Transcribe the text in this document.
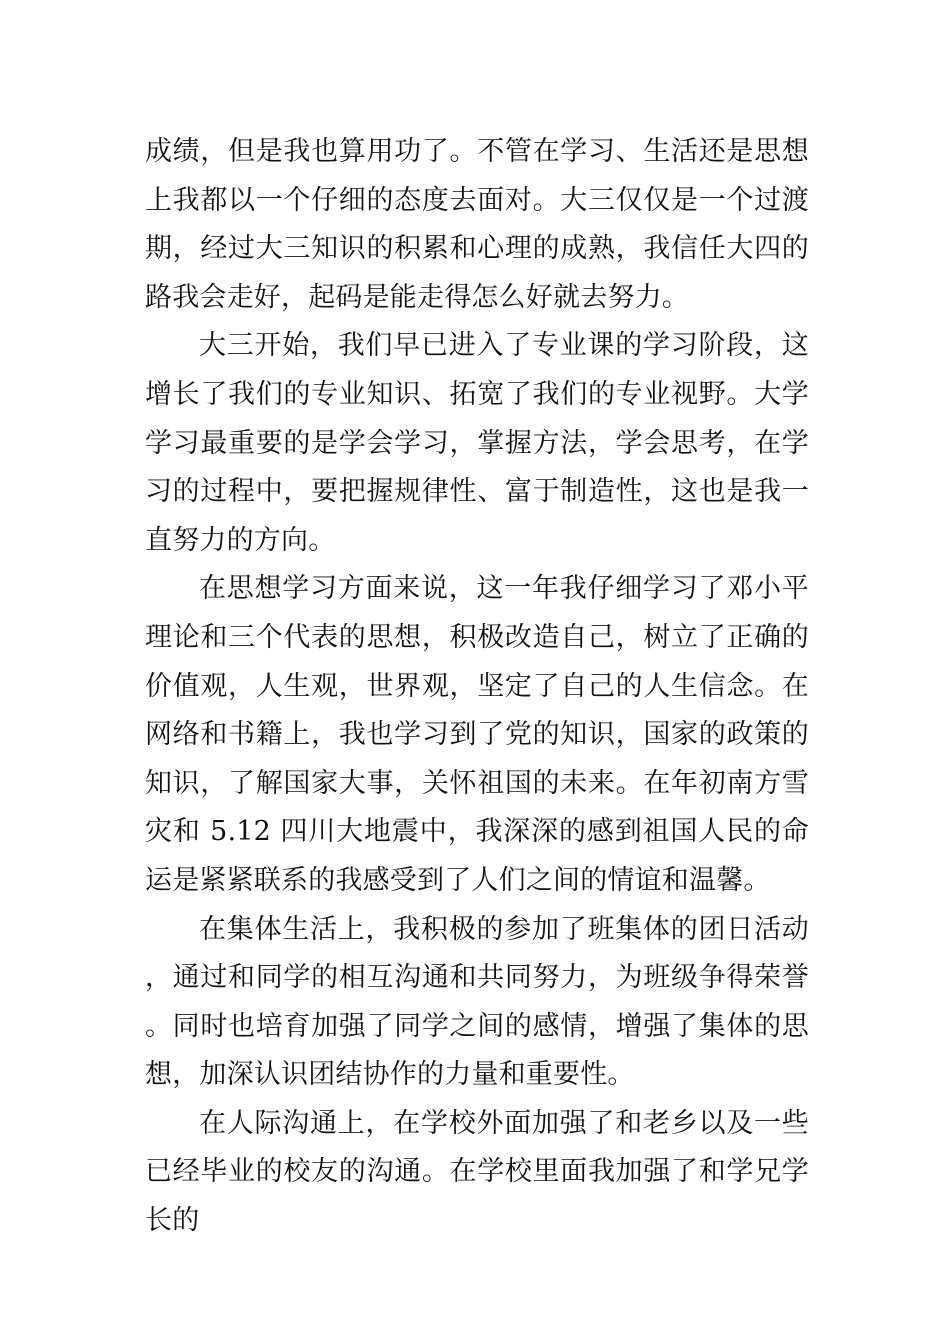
成绩，但是我也算用功了。不管在学习、生活还是思想上我都以一个仔细的态度去面对。大三仅仅是一个过渡期，经过大三知识的积累和心理的成熟，我信任大四的路我会走好，起码是能走得怎么好就去努力。

大三开始，我们早已进入了专业课的学习阶段，这增长了我们的专业知识、拓宽了我们的专业视野。大学学习最重要的是学会学习，掌握方法，学会思考，在学习的过程中，要把握规律性、富于制造性，这也是我一直努力的方向。

在思想学习方面来说，这一年我仔细学习了邓小平理论和三个代表的思想，积极改造自己，树立了正确的价值观，人生观，世界观，坚定了自己的人生信念。在网络和书籍上，我也学习到了党的知识，国家的政策的知识，了解国家大事，关怀祖国的未来。在年初南方雪灾和 5.12 四川大地震中，我深深的感到祖国人民的命运是紧紧联系的我感受到了人们之间的情谊和温馨。

在集体生活上，我积极的参加了班集体的团日活动，通过和同学的相互沟通和共同努力，为班级争得荣誉。同时也培育加强了同学之间的感情，增强了集体的思想，加深认识团结协作的力量和重要性。

在人际沟通上，在学校外面加强了和老乡以及一些已经毕业的校友的沟通。在学校里面我加强了和学兄学长的
